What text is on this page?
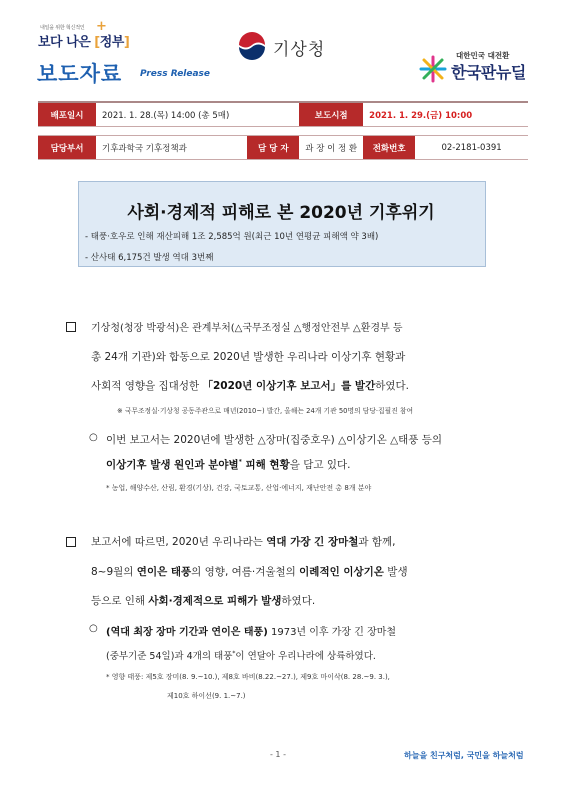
내일을 위한 혁신적인
보다 나은 [정부]
+
보도자료 Press Release
기상청	대한민국 대전환
한국판뉴딜
배포일시	2021. 1. 28.(목) 14:00 (총 5매)		보도시점	2021. 1. 29.(금) 10:00	

담당부서	기후과학국 기후정책과	담 당 자	과 장 이 정 환	전화번호	02-2181-0391
사회·경제적 피해로 본 2020년 기후위기
- 태풍·호우로 인해 재산피해 1조 2,585억 원(최근 10년 연평균 피해액 약 3배)
- 산사태 6,175건 발생 역대 3번째
기상청(청장 박광석)은 관계부처(△국무조정실 △행정안전부 △환경부 등
총 24개 기관)와 합동으로 2020년 발생한 우리나라 이상기후 현황과
사회적 영향을 집대성한 「2020년 이상기후 보고서」를 발간하였다.
※ 국무조정실·기상청 공동주관으로 매년(2010~) 발간, 올해는 24개 기관 50명의 담당·집필진 참여
○ 이번 보고서는 2020년에 발생한 △장마(집중호우) △이상기온 △태풍 등의
이상기후 발생 원인과 분야별* 피해 현황을 담고 있다.
* 농업, 해양수산, 산림, 환경(기상), 건강, 국토교통, 산업·에너지, 재난안전 총 8개 분야
보고서에 따르면, 2020년 우리나라는 역대 가장 긴 장마철과 함께,
8~9월의 연이은 태풍의 영향, 여름·겨울철의 이례적인 이상기온 발생
등으로 인해 사회·경제적으로 피해가 발생하였다.
○ (역대 최장 장마 기간과 연이은 태풍) 1973년 이후 가장 긴 장마철
(중부기준 54일)과 4개의 태풍*이 연달아 우리나라에 상륙하였다.
* 영향 태풍: 제5호 장미(8. 9.~10.), 제8호 바비(8.22.~27.), 제9호 마이삭(8. 28.~9. 3.),
제10호 하이선(9. 1.~7.)
- 1 -	하늘을 친구처럼, 국민을 하늘처럼
